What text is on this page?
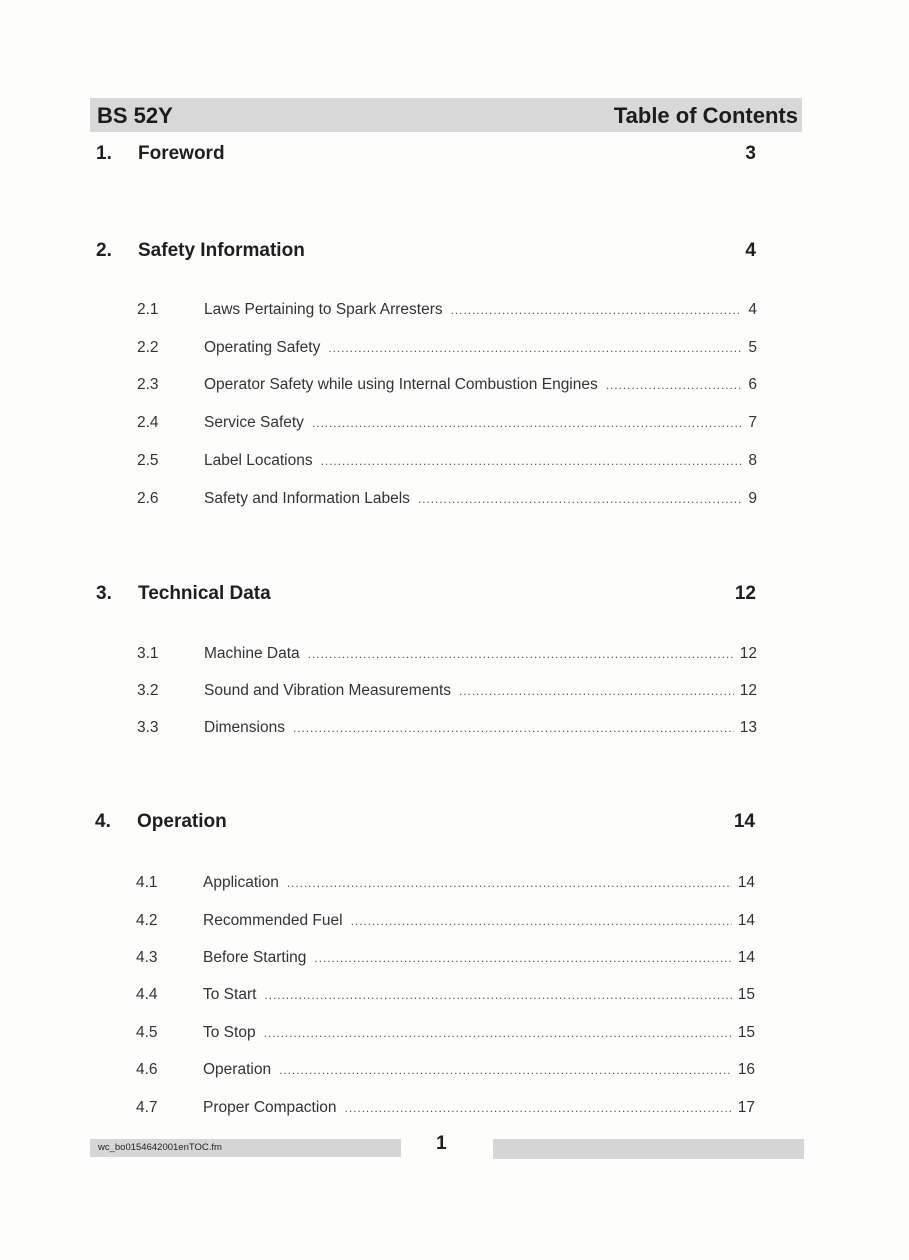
BS 52Y	Table of Contents
1. Foreword	3
2. Safety Information	4
2.1	Laws Pertaining to Spark Arresters . . .	4
2.2	Operating Safety . . .	5
2.3	Operator Safety while using Internal Combustion Engines . . .	6
2.4	Service Safety . . .	7
2.5	Label Locations . . .	8
2.6	Safety and Information Labels . . .	9
3. Technical Data	12
3.1	Machine Data . . .	12
3.2	Sound and Vibration Measurements . . .	12
3.3	Dimensions . . .	13
4. Operation	14
4.1	Application . . .	14
4.2	Recommended Fuel . . .	14
4.3	Before Starting . . .	14
4.4	To Start . . .	15
4.5	To Stop . . .	15
4.6	Operation . . .	16
4.7	Proper Compaction . . .	17
wc_bo0154642001enTOC.fm	1
